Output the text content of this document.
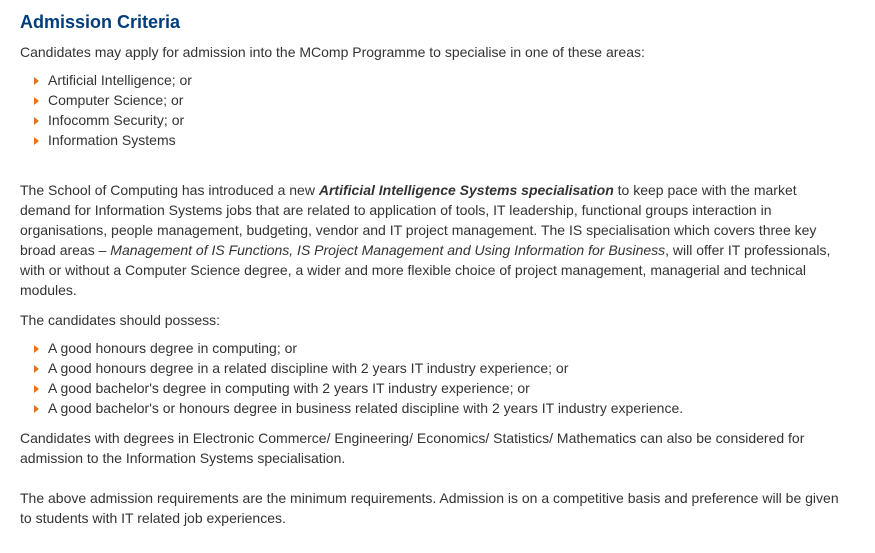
Admission Criteria

Candidates may apply for admission into the MComp Programme to specialise in one of these areas:

Artificial Intelligence; or
Computer Science; or
Infocomm Security; or
Information Systems

The School of Computing has introduced a new Artificial Intelligence Systems specialisation to keep pace with the market demand for Information Systems jobs that are related to application of tools, IT leadership, functional groups interaction in organisations, people management, budgeting, vendor and IT project management. The IS specialisation which covers three key broad areas – Management of IS Functions, IS Project Management and Using Information for Business, will offer IT professionals, with or without a Computer Science degree, a wider and more flexible choice of project management, managerial and technical modules.

The candidates should possess:

A good honours degree in computing; or
A good honours degree in a related discipline with 2 years IT industry experience; or
A good bachelor's degree in computing with 2 years IT industry experience; or
A good bachelor's or honours degree in business related discipline with 2 years IT industry experience.

Candidates with degrees in Electronic Commerce/ Engineering/ Economics/ Statistics/ Mathematics can also be considered for admission to the Information Systems specialisation.

The above admission requirements are the minimum requirements. Admission is on a competitive basis and preference will be given to students with IT related job experiences.
